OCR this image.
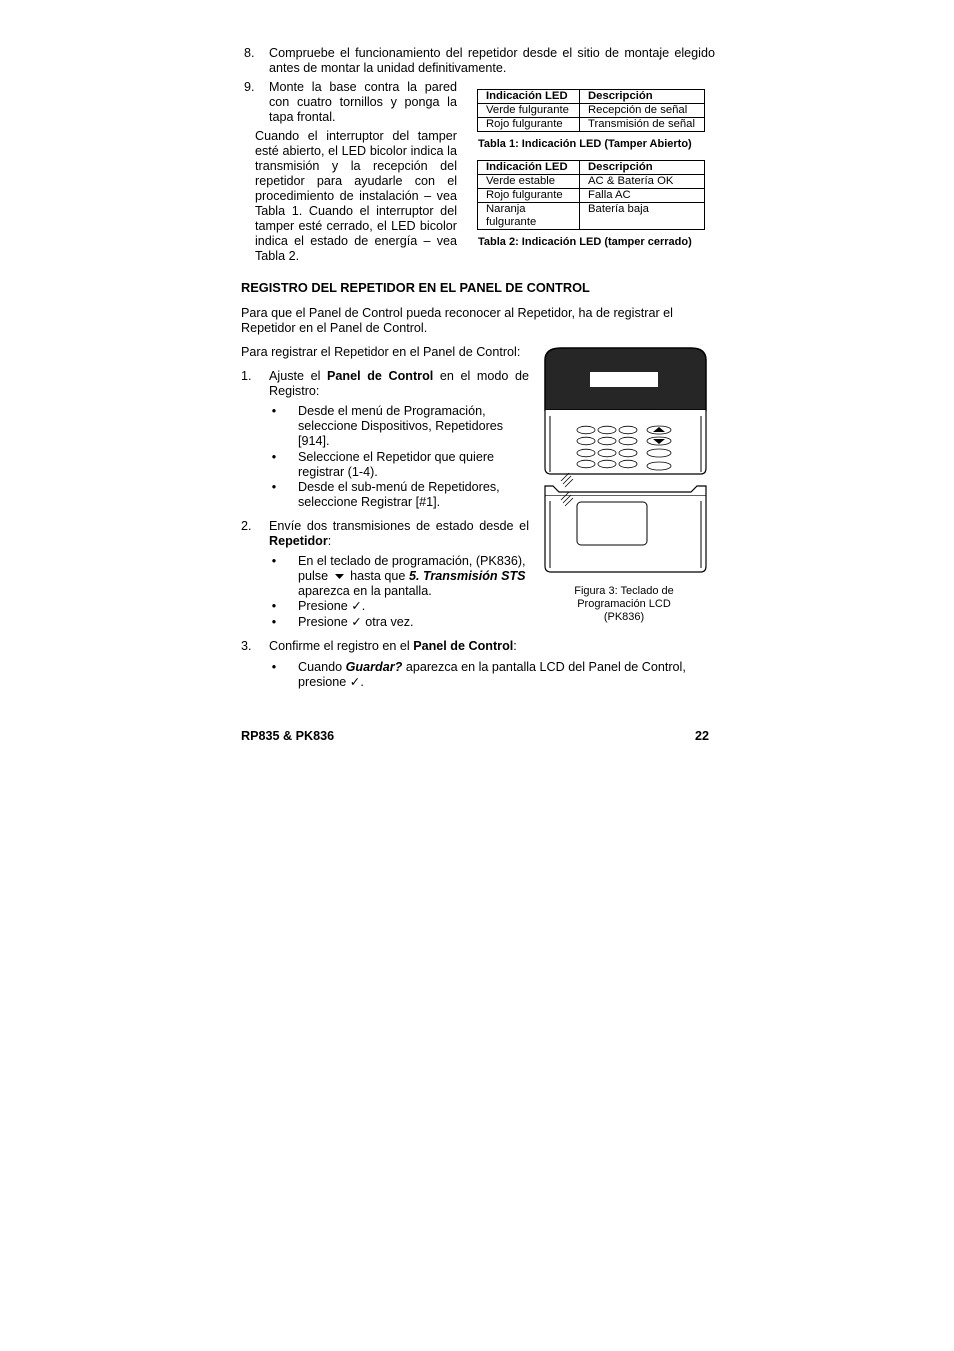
8. Compruebe el funcionamiento del repetidor desde el sitio de montaje elegido antes de montar la unidad definitivamente.
9. Monte la base contra la pared con cuatro tornillos y ponga la tapa frontal.
Cuando el interruptor del tamper esté abierto, el LED bicolor indica la transmisión y la recepción del repetidor para ayudarle con el procedimiento de instalación – vea Tabla 1. Cuando el interruptor del tamper esté cerrado, el LED bicolor indica el estado de energía – vea Tabla 2.
Indicación LED	Descripción
Verde fulgurante	Recepción de señal
Rojo fulgurante	Transmisión de señal
Tabla 1: Indicación LED (Tamper Abierto)
Indicación LED	Descripción
Verde estable	AC & Batería OK
Rojo fulgurante	Falla AC
Naranja fulgurante	Batería baja
Tabla 2: Indicación LED (tamper cerrado)
REGISTRO DEL REPETIDOR EN EL PANEL DE CONTROL
Para que el Panel de Control pueda reconocer al Repetidor, ha de registrar el Repetidor en el Panel de Control.
Para registrar el Repetidor en el Panel de Control:
1. Ajuste el Panel de Control en el modo de Registro:
• Desde el menú de Programación, seleccione Dispositivos, Repetidores [914].
• Seleccione el Repetidor que quiere registrar (1-4).
• Desde el sub-menú de Repetidores, seleccione Registrar [#1].
2. Envíe dos transmisiones de estado desde el Repetidor:
• En el teclado de programación, (PK836), pulse hasta que 5. Transmisión STS aparezca en la pantalla.
• Presione ✓.
• Presione ✓ otra vez.
3. Confirme el registro en el Panel de Control:
• Cuando Guardar? aparezca en la pantalla LCD del Panel de Control, presione ✓.
Figura 3: Teclado de Programación LCD (PK836)
RP835 & PK836	22
